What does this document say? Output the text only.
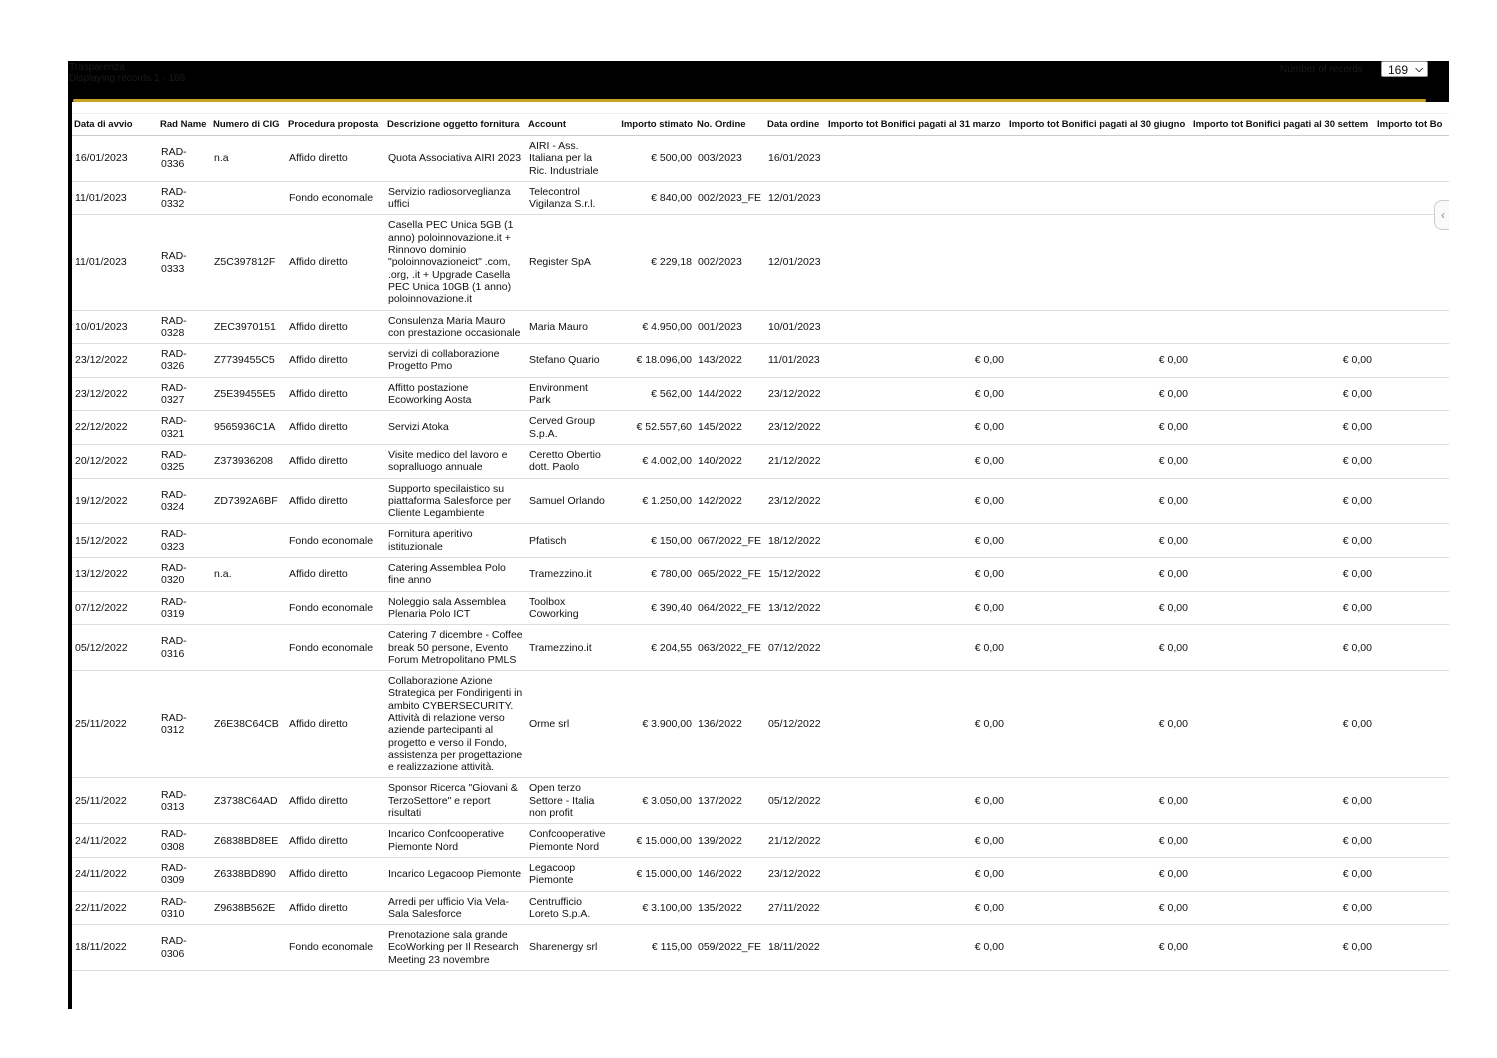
Trasparenza
Displaying records 1 - 169
Number of records	169 ⌵
Data di avvio	Rad Name	Numero di CIG	Procedura proposta	Descrizione oggetto fornitura	Account	Importo stimato	No. Ordine	Data ordine	Importo tot Bonifici pagati al 31 marzo	Importo tot Bonifici pagati al 30 giugno	Importo tot Bonifici pagati al 30 settem	Importo tot Bo
16/01/2023	RAD-0336	n.a	Affido diretto	Quota Associativa AIRI 2023	AIRI - Ass. Italiana per la Ric. Industriale	€ 500,00	003/2023	16/01/2023				
11/01/2023	RAD-0332		Fondo economale	Servizio radiosorveglianza uffici	Telecontrol Vigilanza S.r.l.	€ 840,00	002/2023_FE	12/01/2023				
11/01/2023	RAD-0333	Z5C397812F	Affido diretto	Casella PEC Unica 5GB (1 anno) poloinnovazione.it + Rinnovo dominio "poloinnovazioneict" .com, .org, .it + Upgrade Casella PEC Unica 10GB (1 anno) poloinnovazione.it	Register SpA	€ 229,18	002/2023	12/01/2023				
10/01/2023	RAD-0328	ZEC3970151	Affido diretto	Consulenza Maria Mauro con prestazione occasionale	Maria Mauro	€ 4.950,00	001/2023	10/01/2023				
23/12/2022	RAD-0326	Z7739455C5	Affido diretto	servizi di collaborazione Progetto Pmo	Stefano Quario	€ 18.096,00	143/2022	11/01/2023	€ 0,00	€ 0,00	€ 0,00	
23/12/2022	RAD-0327	Z5E39455E5	Affido diretto	Affitto postazione Ecoworking Aosta	Environment Park	€ 562,00	144/2022	23/12/2022	€ 0,00	€ 0,00	€ 0,00	
22/12/2022	RAD-0321	9565936C1A	Affido diretto	Servizi Atoka	Cerved Group S.p.A.	€ 52.557,60	145/2022	23/12/2022	€ 0,00	€ 0,00	€ 0,00	
20/12/2022	RAD-0325	Z373936208	Affido diretto	Visite medico del lavoro e sopralluogo annuale	Ceretto Obertio dott. Paolo	€ 4.002,00	140/2022	21/12/2022	€ 0,00	€ 0,00	€ 0,00	
19/12/2022	RAD-0324	ZD7392A6BF	Affido diretto	Supporto specilaistico su piattaforma Salesforce per Cliente Legambiente	Samuel Orlando	€ 1.250,00	142/2022	23/12/2022	€ 0,00	€ 0,00	€ 0,00	
15/12/2022	RAD-0323		Fondo economale	Fornitura aperitivo istituzionale	Pfatisch	€ 150,00	067/2022_FE	18/12/2022	€ 0,00	€ 0,00	€ 0,00	
13/12/2022	RAD-0320	n.a.	Affido diretto	Catering Assemblea Polo fine anno	Tramezzino.it	€ 780,00	065/2022_FE	15/12/2022	€ 0,00	€ 0,00	€ 0,00	
07/12/2022	RAD-0319		Fondo economale	Noleggio sala Assemblea Plenaria Polo ICT	Toolbox Coworking	€ 390,40	064/2022_FE	13/12/2022	€ 0,00	€ 0,00	€ 0,00	
05/12/2022	RAD-0316		Fondo economale	Catering 7 dicembre - Coffee break 50 persone, Evento Forum Metropolitano PMLS	Tramezzino.it	€ 204,55	063/2022_FE	07/12/2022	€ 0,00	€ 0,00	€ 0,00	
25/11/2022	RAD-0312	Z6E38C64CB	Affido diretto	Collaborazione Azione Strategica per Fondirigenti in ambito CYBERSECURITY. Attività di relazione verso aziende partecipanti al progetto e verso il Fondo, assistenza per progettazione e realizzazione attività.	Orme srl	€ 3.900,00	136/2022	05/12/2022	€ 0,00	€ 0,00	€ 0,00	
25/11/2022	RAD-0313	Z3738C64AD	Affido diretto	Sponsor Ricerca "Giovani & TerzoSettore" e report risultati	Open terzo Settore - Italia non profit	€ 3.050,00	137/2022	05/12/2022	€ 0,00	€ 0,00	€ 0,00	
24/11/2022	RAD-0308	Z6838BD8EE	Affido diretto	Incarico Confcooperative Piemonte Nord	Confcooperative Piemonte Nord	€ 15.000,00	139/2022	21/12/2022	€ 0,00	€ 0,00	€ 0,00	
24/11/2022	RAD-0309	Z6338BD890	Affido diretto	Incarico Legacoop Piemonte	Legacoop Piemonte	€ 15.000,00	146/2022	23/12/2022	€ 0,00	€ 0,00	€ 0,00	
22/11/2022	RAD-0310	Z9638B562E	Affido diretto	Arredi per ufficio Via Vela-Sala Salesforce	Centrufficio Loreto S.p.A.	€ 3.100,00	135/2022	27/11/2022	€ 0,00	€ 0,00	€ 0,00	
18/11/2022	RAD-0306		Fondo economale	Prenotazione sala grande EcoWorking per Il Research Meeting 23 novembre	Sharenergy srl	€ 115,00	059/2022_FE	18/11/2022	€ 0,00	€ 0,00	€ 0,00	
‹
